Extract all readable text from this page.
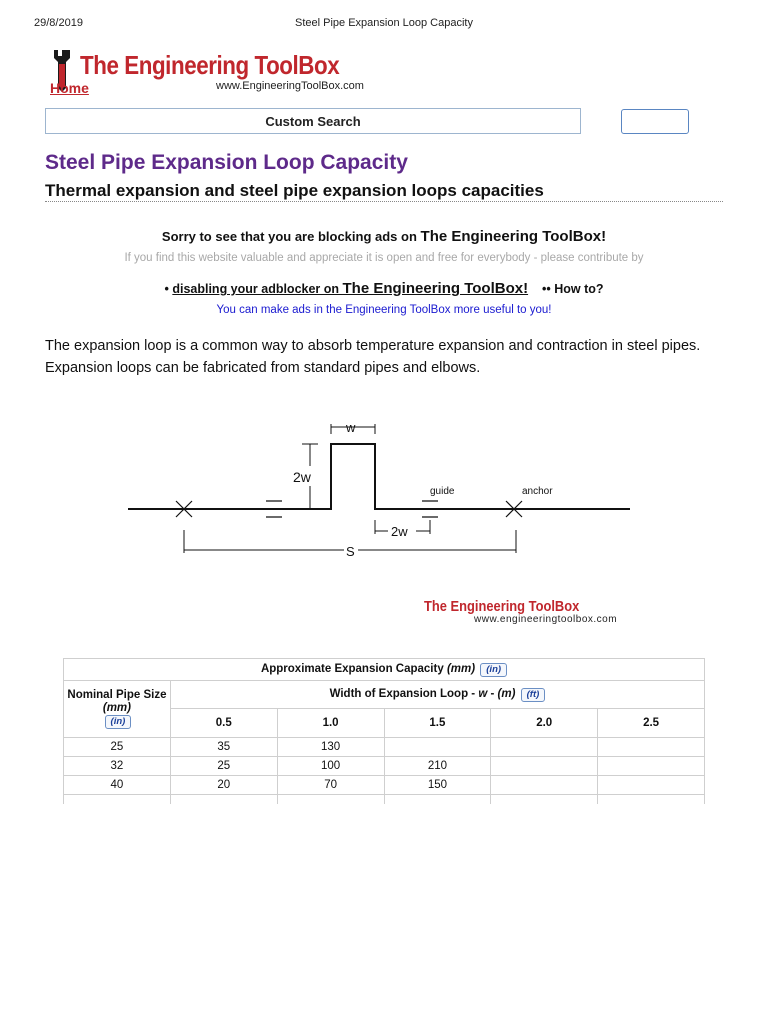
29/8/2019	Steel Pipe Expansion Loop Capacity
The Engineering ToolBox
Home	www.EngineeringToolBox.com
Custom Search
Steel Pipe Expansion Loop Capacity
Thermal expansion and steel pipe expansion loops capacities
Sorry to see that you are blocking ads on The Engineering ToolBox!
If you find this website valuable and appreciate it is open and free for everybody - please contribute by
• disabling your adblocker on The Engineering ToolBox! •• How to?
You can make ads in the Engineering ToolBox more useful to you!
The expansion loop is a common way to absorb temperature expansion and contraction in steel pipes. Expansion loops can be fabricated from standard pipes and elbows.
w
2w
guide	anchor
2w
S
The Engineering ToolBox
www.engineeringtoolbox.com
Approximate Expansion Capacity (mm) (in)					

Nominal Pipe Size
(mm)
(in)	Width of Expansion Loop - w - (m) (ft)				
	0.5	1.0	1.5	2.0	2.5
25	35	130			
32	25	100	210		
40	20	70	150		
